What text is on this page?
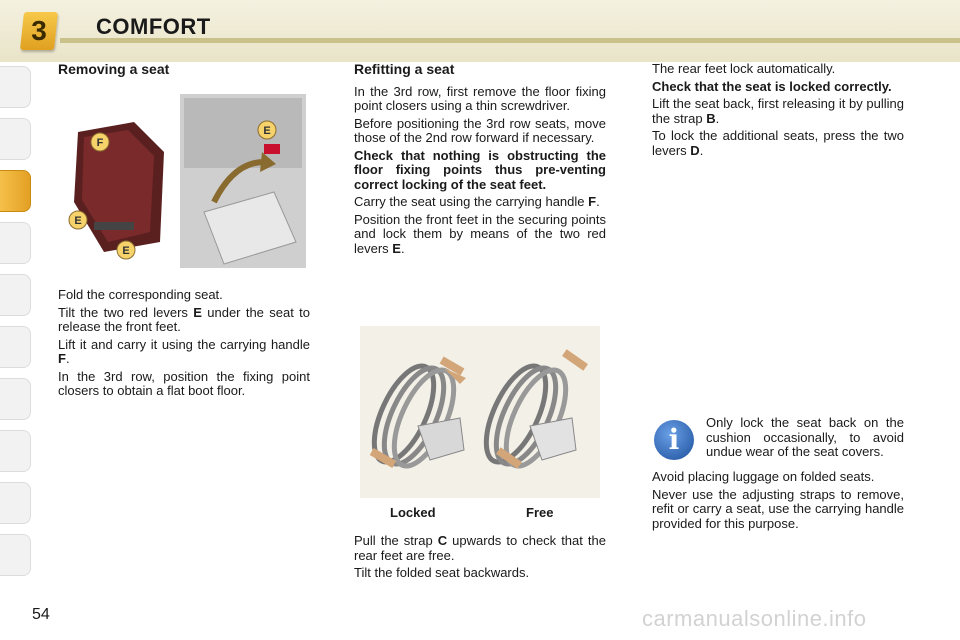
3	COMFORT
Removing a seat
E
F
E
E

Fold the corresponding seat.

Tilt the two red levers E under the seat to release the front feet.

Lift it and carry it using the carrying handle F.

In the 3rd row, position the fixing point closers to obtain a flat boot floor.

Refitting a seat

In the 3rd row, first remove the floor fixing point closers using a thin screwdriver.

Before positioning the 3rd row seats, move those of the 2nd row forward if necessary.

Check that nothing is obstructing the floor fixing points thus pre-venting correct locking of the seat feet.

Carry the seat using the carrying handle F.

Position the front feet in the securing points and lock them by means of the two red levers E.

Locked	Free

Pull the strap C upwards to check that the rear feet are free.

Tilt the folded seat backwards.

The rear feet lock automatically.

Check that the seat is locked correctly.

Lift the seat back, first releasing it by pulling the strap B.

To lock the additional seats, press the two levers D.

i

Only lock the seat back on the cushion occasionally, to avoid undue wear of the seat covers.

Avoid placing luggage on folded seats.

Never use the adjusting straps to remove, refit or carry a seat, use the carrying handle provided for this purpose.

54	carmanualsonline.info
